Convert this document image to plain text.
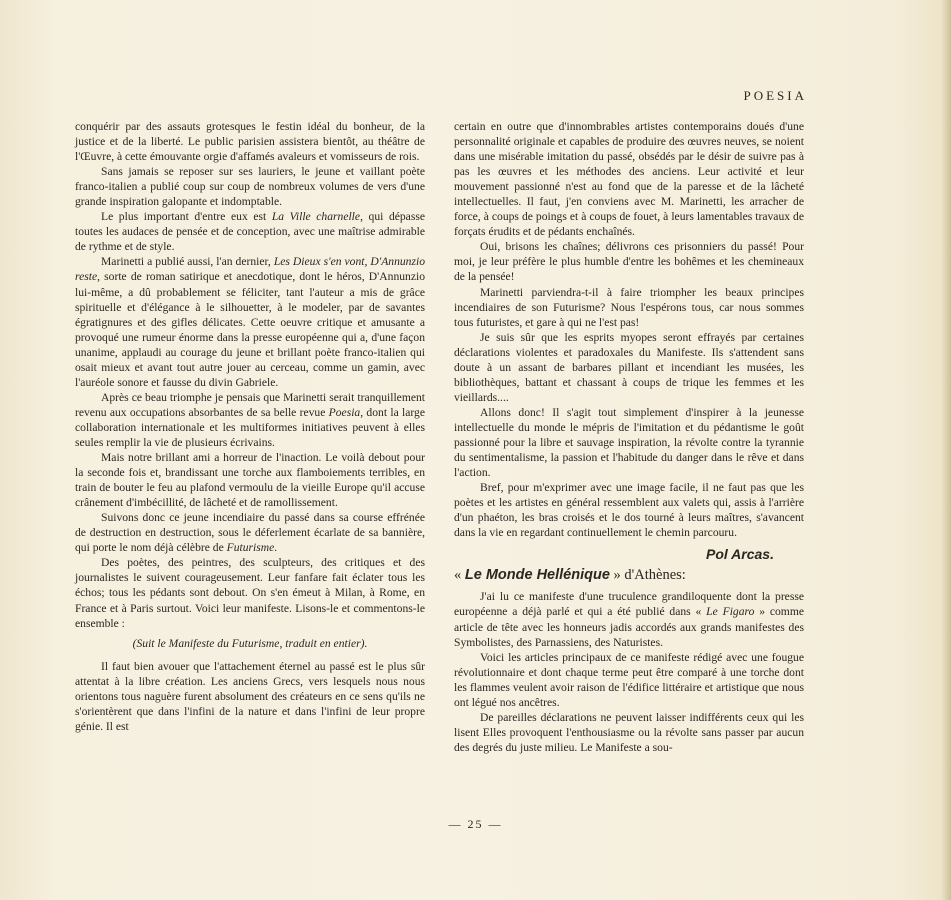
POESIA

conquérir par des assauts grotesques le festin idéal du bonheur, de la justice et de la liberté. Le public parisien assistera bientôt, au théâtre de l'Œuvre, à cette émouvante orgie d'affamés avaleurs et vomisseurs de rois.

Sans jamais se reposer sur ses lauriers, le jeune et vaillant poète franco-italien a publié coup sur coup de nombreux volumes de vers d'une grande inspiration galopante et indomptable.

Le plus important d'entre eux est La Ville charnelle, qui dépasse toutes les audaces de pensée et de conception, avec une maîtrise admirable de rythme et de style.

Marinetti a publié aussi, l'an dernier, Les Dieux s'en vont, D'Annunzio reste, sorte de roman satirique et anecdotique, dont le héros, D'Annunzio lui-même, a dû probablement se féliciter, tant l'auteur a mis de grâce spirituelle et d'élégance à le silhouetter, à le modeler, par de savantes égratignures et des gifles délicates. Cette oeuvre critique et amusante a provoqué une rumeur énorme dans la presse européenne qui a, d'une façon unanime, applaudi au courage du jeune et brillant poète franco-italien qui osait mieux et avant tout autre jouer au cerceau, comme un gamin, avec l'auréole sonore et fausse du divin Gabriele.

Après ce beau triomphe je pensais que Marinetti serait tranquillement revenu aux occupations absorbantes de sa belle revue Poesia, dont la large collaboration internationale et les multiformes initiatives peuvent à elles seules remplir la vie de plusieurs écrivains.

Mais notre brillant ami a horreur de l'inaction. Le voilà debout pour la seconde fois et, brandissant une torche aux flamboiements terribles, en train de bouter le feu au plafond vermoulu de la vieille Europe qu'il accuse crânement d'imbécillité, de lâcheté et de ramollissement.

Suivons donc ce jeune incendiaire du passé dans sa course effrénée de destruction en destruction, sous le déferlement écarlate de sa bannière, qui porte le nom déjà célèbre de Futurisme.

Des poètes, des peintres, des sculpteurs, des critiques et des journalistes le suivent courageusement. Leur fanfare fait éclater tous les échos; tous les pédants sont debout. On s'en émeut à Milan, à Rome, en France et à Paris surtout. Voici leur manifeste. Lisons-le et commentons-le ensemble :

(Suit le Manifeste du Futurisme, traduit en entier).

Il faut bien avouer que l'attachement éternel au passé est le plus sûr attentat à la libre création. Les anciens Grecs, vers lesquels nous nous orientons tous naguère furent absolument des créateurs en ce sens qu'ils ne s'orientèrent que dans l'infini de la nature et dans l'infini de leur propre génie. Il est

certain en outre que d'innombrables artistes contemporains doués d'une personnalité originale et capables de produire des œuvres neuves, se noient dans une misérable imitation du passé, obsédés par le désir de suivre pas à pas les œuvres et les méthodes des anciens. Leur activité et leur mouvement passionné n'est au fond que de la paresse et de la lâcheté intellectuelles. Il faut, j'en conviens avec M. Marinetti, les arracher de force, à coups de poings et à coups de fouet, à leurs lamentables travaux de forçats érudits et de pédants enchaînés.

Oui, brisons les chaînes; délivrons ces prisonniers du passé! Pour moi, je leur préfère le plus humble d'entre les bohêmes et les chemineaux de la pensée!

Marinetti parviendra-t-il à faire triompher les beaux principes incendiaires de son Futurisme? Nous l'espérons tous, car nous sommes tous futuristes, et gare à qui ne l'est pas!

Je suis sûr que les esprits myopes seront effrayés par certaines déclarations violentes et paradoxales du Manifeste. Ils s'attendent sans doute à un assant de barbares pillant et incendiant les musées, les bibliothèques, battant et chassant à coups de trique les femmes et les vieillards....

Allons donc! Il s'agit tout simplement d'inspirer à la jeunesse intellectuelle du monde le mépris de l'imitation et du pédantisme le goût passionné pour la libre et sauvage inspiration, la révolte contre la tyrannie du sentimentalisme, la passion et l'habitude du danger dans le rêve et dans l'action.

Bref, pour m'exprimer avec une image facile, il ne faut pas que les poètes et les artistes en général ressemblent aux valets qui, assis à l'arrière d'un phaéton, les bras croisés et le dos tourné à leurs maîtres, s'avancent dans la vie en regardant continuellement le chemin parcouru.

Pol Arcas.

« Le Monde Hellénique » d'Athènes:

J'ai lu ce manifeste d'une truculence grandiloquente dont la presse européenne a déjà parlé et qui a été publié dans « Le Figaro » comme article de tête avec les honneurs jadis accordés aux grands manifestes des Symbolistes, des Parnassiens, des Naturistes.

Voici les articles principaux de ce manifeste rédigé avec une fougue révolutionnaire et dont chaque terme peut être comparé à une torche dont les flammes veulent avoir raison de l'édifice littéraire et artistique que nous ont légué nos ancêtres.

De pareilles déclarations ne peuvent laisser indifférents ceux qui les lisent Elles provoquent l'enthousiasme ou la révolte sans passer par aucun des degrés du juste milieu. Le Manifeste a sou-

— 25 —
